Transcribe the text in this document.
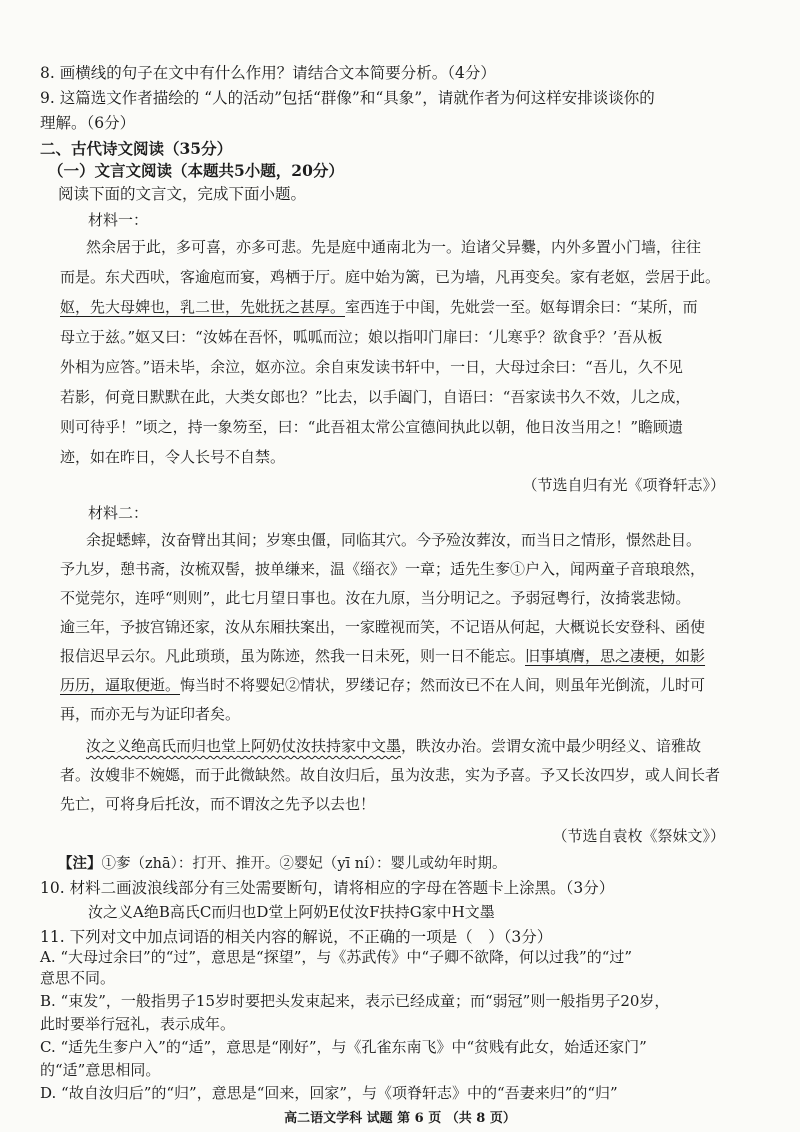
8. 画横线的句子在文中有什么作用？请结合文本简要分析。（4分）
9. 这篇选文作者描绘的 “人的活动”包括“群像”和“具象”，请就作者为何这样安排谈谈你的
理解。（6分）
二、古代诗文阅读（35分）
（一）文言文阅读（本题共5小题，20分）
阅读下面的文言文，完成下面小题。
材料一：
然余居于此，多可喜，亦多可悲。先是庭中通南北为一。迨诸父异爨，内外多置小门墙，往往
而是。东犬西吠，客逾庖而宴，鸡栖于厅。庭中始为篱，已为墙，凡再变矣。家有老妪，尝居于此。
妪，先大母婢也，乳二世，先妣抚之甚厚。室西连于中闺，先妣尝一至。妪每谓余曰：“某所，而
母立于兹。”妪又曰：“汝姊在吾怀，呱呱而泣；娘以指叩门扉曰：‘儿寒乎？欲食乎？’吾从板
外相为应答。”语未毕，余泣，妪亦泣。余自束发读书轩中，一日，大母过余曰：“吾儿，久不见
若影，何竟日默默在此，大类女郎也？”比去，以手阖门，自语曰：“吾家读书久不效，儿之成，
则可待乎！”顷之，持一象笏至，曰：“此吾祖太常公宣德间执此以朝，他日汝当用之！”瞻顾遗
迹，如在昨日，令人长号不自禁。
（节选自归有光《项脊轩志》）
材料二：
余捉蟋蟀，汝奋臂出其间；岁寒虫僵，同临其穴。今予殓汝葬汝，而当日之情形，憬然赴目。
予九岁，憩书斋，汝梳双髻，披单缣来，温《缁衣》一章；适先生奓①户入，闻两童子音琅琅然，
不觉莞尔，连呼“则则”，此七月望日事也。汝在九原，当分明记之。予弱冠粤行，汝掎裳悲恸。
逾三年，予披宫锦还家，汝从东厢扶案出，一家瞠视而笑，不记语从何起，大概说长安登科、函使
报信迟早云尔。凡此琐琐，虽为陈迹，然我一日未死，则一日不能忘。旧事填膺，思之凄梗，如影
历历，逼取便逝。悔当时不将婴妃②情状，罗缕记存；然而汝已不在人间，则虽年光倒流，儿时可
再，而亦无与为证印者矣。
汝之义绝高氏而归也堂上阿奶仗汝扶持家中文墨，眣汝办治。尝谓女流中最少明经义、谙雅故
者。汝嫂非不婉嫕，而于此微缺然。故自汝归后，虽为汝悲，实为予喜。予又长汝四岁，或人间长者
先亡，可将身后托汝，而不谓汝之先予以去也！
（节选自袁枚《祭妹文》）
【注】①奓（zhā）：打开、推开。②婴妃（yī ní）：婴儿或幼年时期。
10. 材料二画波浪线部分有三处需要断句，请将相应的字母在答题卡上涂黑。（3分）
汝之义A绝B高氏C而归也D堂上阿奶E仗汝F扶持G家中H文墨
11. 下列对文中加点词语的相关内容的解说，不正确的一项是（　）（3分）
A. “大母过余曰”的“过”，意思是“探望”，与《苏武传》中“子卿不欲降，何以过我”的“过”
意思不同。
B. “束发”，一般指男子15岁时要把头发束起来，表示已经成童；而“弱冠”则一般指男子20岁，
此时要举行冠礼，表示成年。
C. “适先生奓户入”的“适”，意思是“刚好”，与《孔雀东南飞》中“贫贱有此女，始适还家门”
的“适”意思相同。
D. “故自汝归后”的“归”，意思是“回来，回家”，与《项脊轩志》中的“吾妻来归”的“归”
高二语文学科 试题 第 6 页 （共 8 页）
